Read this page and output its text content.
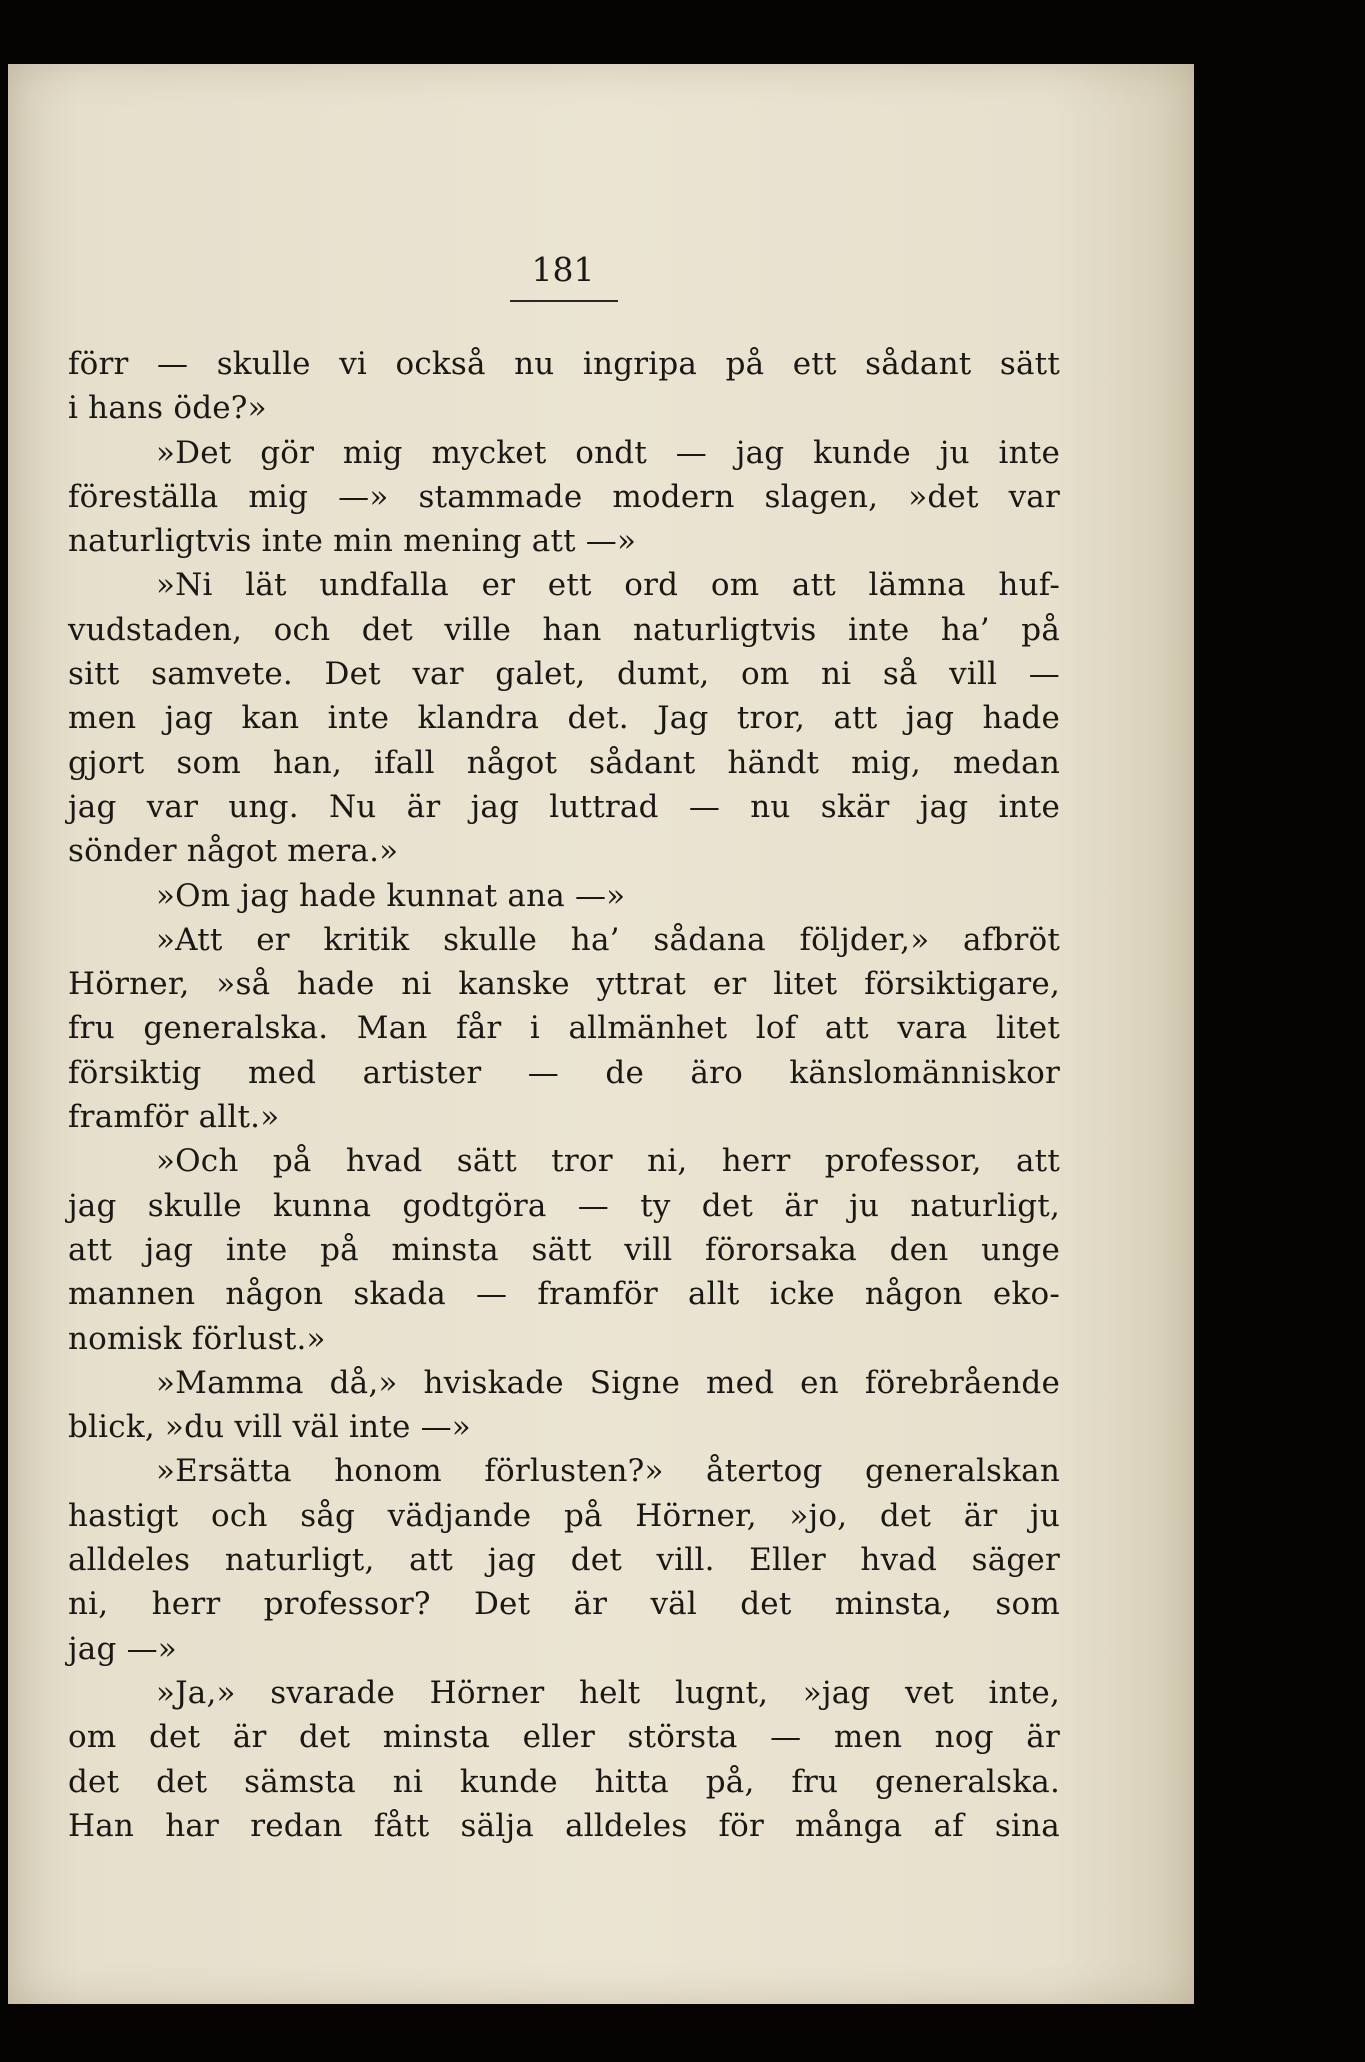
181

förr — skulle vi också nu ingripa på ett sådant sätt
i hans öde?»
»Det gör mig mycket ondt — jag kunde ju inte
föreställa mig —» stammade modern slagen, »det var
naturligtvis inte min mening att —»
»Ni lät undfalla er ett ord om att lämna huf-
vudstaden, och det ville han naturligtvis inte ha’ på
sitt samvete. Det var galet, dumt, om ni så vill —
men jag kan inte klandra det. Jag tror, att jag hade
gjort som han, ifall något sådant händt mig, medan
jag var ung. Nu är jag luttrad — nu skär jag inte
sönder något mera.»
»Om jag hade kunnat ana —»
»Att er kritik skulle ha’ sådana följder,» afbröt
Hörner, »så hade ni kanske yttrat er litet försiktigare,
fru generalska. Man får i allmänhet lof att vara litet
försiktig med artister — de äro känslomänniskor
framför allt.»
»Och på hvad sätt tror ni, herr professor, att
jag skulle kunna godtgöra — ty det är ju naturligt,
att jag inte på minsta sätt vill förorsaka den unge
mannen någon skada — framför allt icke någon eko-
nomisk förlust.»
»Mamma då,» hviskade Signe med en förebrående
blick, »du vill väl inte —»
»Ersätta honom förlusten?» återtog generalskan
hastigt och såg vädjande på Hörner, »jo, det är ju
alldeles naturligt, att jag det vill. Eller hvad säger
ni, herr professor? Det är väl det minsta, som
jag —»
»Ja,» svarade Hörner helt lugnt, »jag vet inte,
om det är det minsta eller största — men nog är
det det sämsta ni kunde hitta på, fru generalska.
Han har redan fått sälja alldeles för många af sina
